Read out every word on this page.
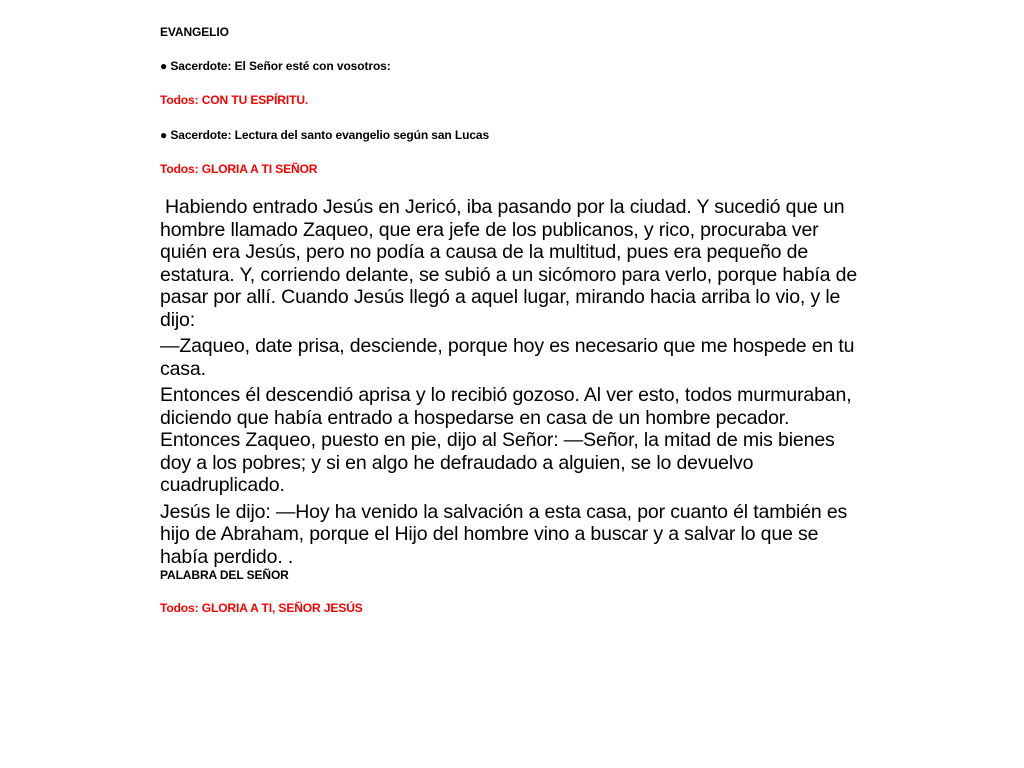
EVANGELIO
● Sacerdote: El Señor esté con vosotros:
Todos: CON TU ESPÍRITU.
● Sacerdote: Lectura del santo evangelio según san Lucas
Todos: GLORIA A TI SEÑOR

Habiendo entrado Jesús en Jericó, iba pasando por la ciudad. Y sucedió que un hombre llamado Zaqueo, que era jefe de los publicanos, y rico, procuraba ver quién era Jesús, pero no podía a causa de la multitud, pues era pequeño de estatura. Y, corriendo delante, se subió a un sicómoro para verlo, porque había de pasar por allí. Cuando Jesús llegó a aquel lugar, mirando hacia arriba lo vio, y le dijo:

—Zaqueo, date prisa, desciende, porque hoy es necesario que me hospede en tu casa.

Entonces él descendió aprisa y lo recibió gozoso. Al ver esto, todos murmuraban, diciendo que había entrado a hospedarse en casa de un hombre pecador. Entonces Zaqueo, puesto en pie, dijo al Señor: —Señor, la mitad de mis bienes doy a los pobres; y si en algo he defraudado a alguien, se lo devuelvo cuadruplicado.

Jesús le dijo: —Hoy ha venido la salvación a esta casa, por cuanto él también es hijo de Abraham, porque el Hijo del hombre vino a buscar y a salvar lo que se había perdido. .

PALABRA DEL SEÑOR
Todos: GLORIA A TI, SEÑOR JESÚS
